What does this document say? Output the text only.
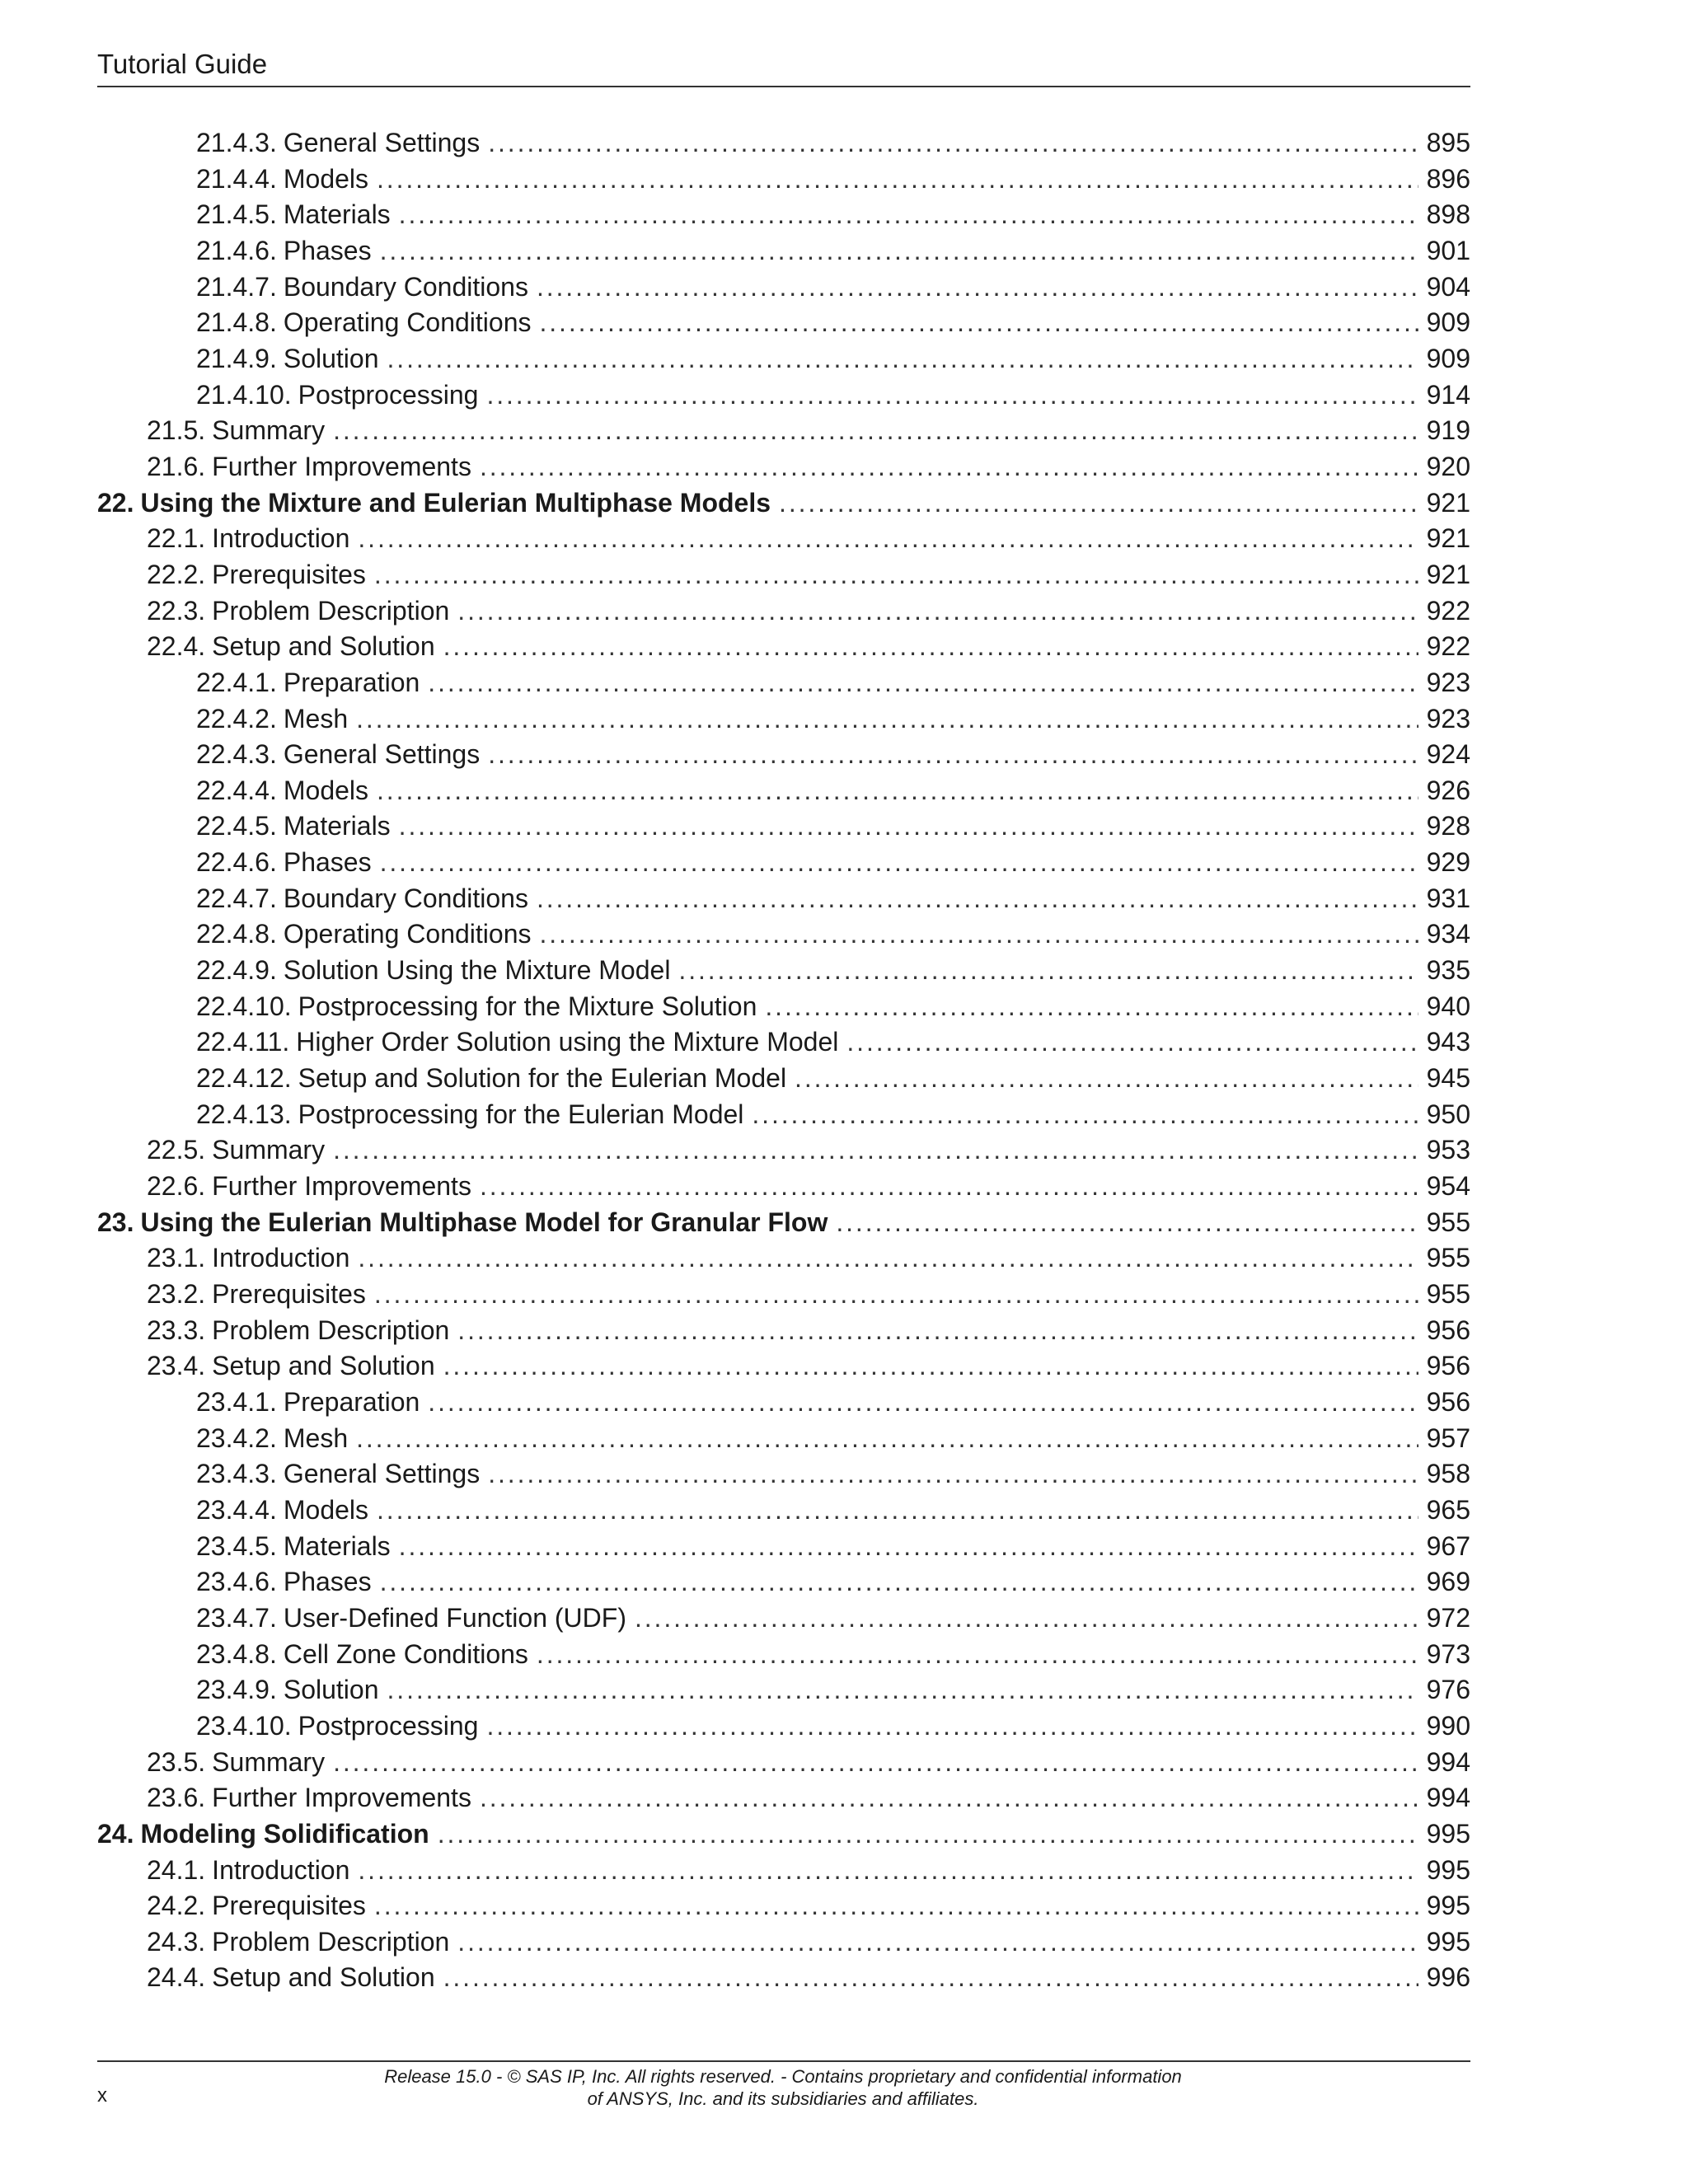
Tutorial Guide
21.4.3. General Settings . . .	895
21.4.4. Models . . .	896
21.4.5. Materials . . .	898
21.4.6. Phases . . .	901
21.4.7. Boundary Conditions . . .	904
21.4.8. Operating Conditions . . .	909
21.4.9. Solution . . .	909
21.4.10. Postprocessing . . .	914
21.5. Summary . . .	919
21.6. Further Improvements . . .	920
22. Using the Mixture and Eulerian Multiphase Models . . .	921
22.1. Introduction . . .	921
22.2. Prerequisites . . .	921
22.3. Problem Description . . .	922
22.4. Setup and Solution . . .	922
22.4.1. Preparation . . .	923
22.4.2. Mesh . . .	923
22.4.3. General Settings . . .	924
22.4.4. Models . . .	926
22.4.5. Materials . . .	928
22.4.6. Phases . . .	929
22.4.7. Boundary Conditions . . .	931
22.4.8. Operating Conditions . . .	934
22.4.9. Solution Using the Mixture Model . . .	935
22.4.10. Postprocessing for the Mixture Solution . . .	940
22.4.11. Higher Order Solution using the Mixture Model . . .	943
22.4.12. Setup and Solution for the Eulerian Model . . .	945
22.4.13. Postprocessing for the Eulerian Model . . .	950
22.5. Summary . . .	953
22.6. Further Improvements . . .	954
23. Using the Eulerian Multiphase Model for Granular Flow . . .	955
23.1. Introduction . . .	955
23.2. Prerequisites . . .	955
23.3. Problem Description . . .	956
23.4. Setup and Solution . . .	956
23.4.1. Preparation . . .	956
23.4.2. Mesh . . .	957
23.4.3. General Settings . . .	958
23.4.4. Models . . .	965
23.4.5. Materials . . .	967
23.4.6. Phases . . .	969
23.4.7. User-Defined Function (UDF) . . .	972
23.4.8. Cell Zone Conditions . . .	973
23.4.9. Solution . . .	976
23.4.10. Postprocessing . . .	990
23.5. Summary . . .	994
23.6. Further Improvements . . .	994
24. Modeling Solidification . . .	995
24.1. Introduction . . .	995
24.2. Prerequisites . . .	995
24.3. Problem Description . . .	995
24.4. Setup and Solution . . .	996
x
Release 15.0 - © SAS IP, Inc. All rights reserved. - Contains proprietary and confidential information
of ANSYS, Inc. and its subsidiaries and affiliates.
